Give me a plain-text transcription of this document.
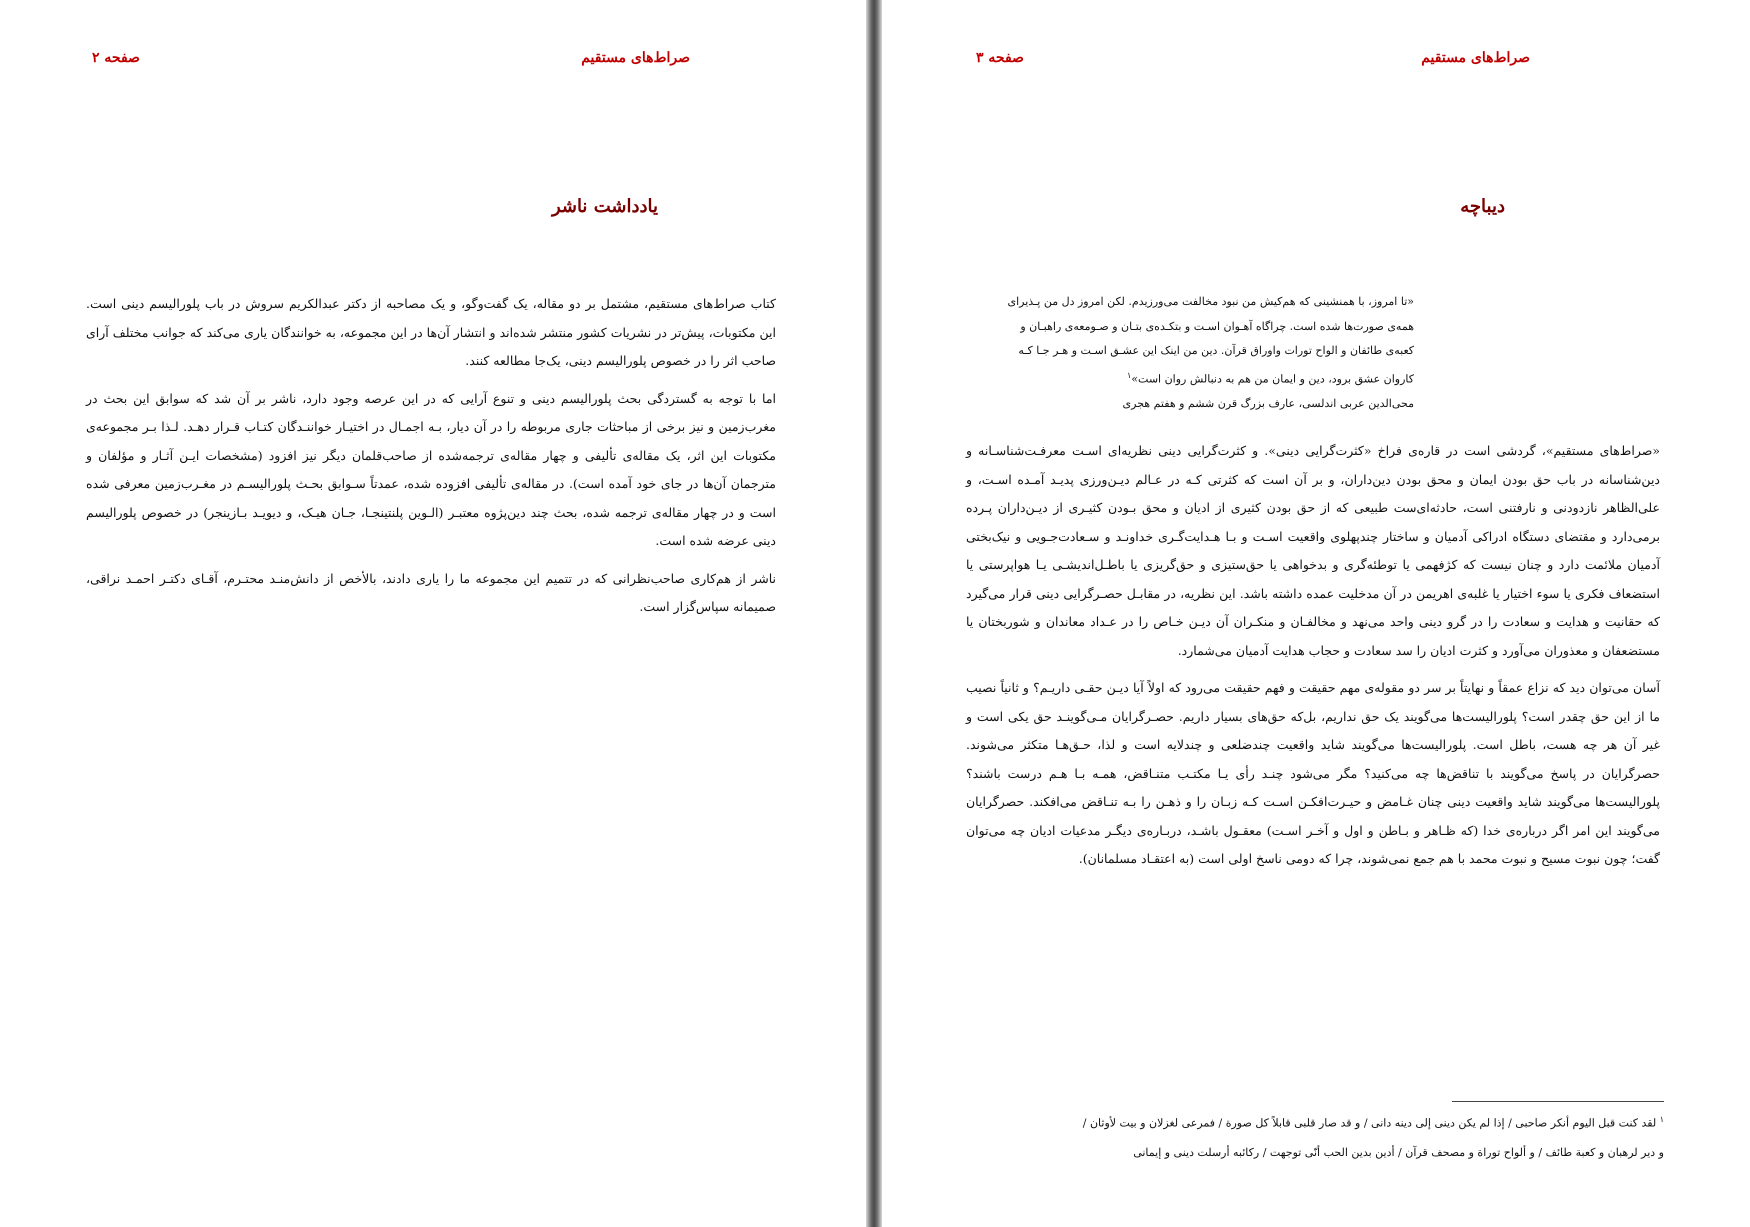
صراط‌های مستقیم
صفحه ۲
یادداشت ناشر

کتاب صراط‌های مستقیم، مشتمل بر دو مقاله، یک گفت‌وگو، و یک مصاحبه از دکتر عبدالکریم سروش در باب پلورالیسم دینی است. این مکتوبات، پیش‌تر در نشریات کشور منتشر شده‌اند و انتشار آن‌ها در این مجموعه، به خوانندگان یاری می‌کند که جوانب مختلف آرای صاحب اثر را در خصوص پلورالیسم دینی، یک‌جا مطالعه کنند.

اما با توجه به گستردگی بحث پلورالیسم دینی و تنوع آرایی که در این عرصه وجود دارد، ناشر بر آن شد که سوابق این بحث در مغرب‌زمین و نیز برخی از مباحثات جاری مربوطه را در آن دیار، بـه اجمـال در اختیـار خواننـدگان کتـاب قـرار دهـد. لـذا بـر مجموعه‌ی مکتوبات این اثر، یک مقاله‌ی تألیفی و چهار مقاله‌ی ترجمه‌شده از صاحب‌قلمان دیگر نیز افزود (مشخصات ایـن آثـار و مؤلفان و مترجمان آن‌ها در جای خود آمده است). در مقاله‌ی تألیفی افزوده شده، عمدتاً سـوابق بحـث پلورالیسـم در مغـرب‌زمین معرفی شده است و در چهار مقاله‌ی ترجمه شده، بحث چند دین‌پژوه معتبـر (الـوین پلنتینجـا، جـان هیـک، و دیویـد بـازینجر) در خصوص پلورالیسم دینی عرضه شده است.

ناشر از هم‌کاری صاحب‌نظرانی که در تتمیم این مجموعه ما را یاری دادند، بالأخص از دانش‌منـد محتـرم، آقـای دکتـر احمـد نراقی، صمیمانه سپاس‌گزار است.

صراط‌های مستقیم
صفحه ۳
دیباچه

«تا امروز، با همنشینی که هم‌کیش من نبود مخالفت می‌ورزیدم. لکن امروز دل من پـذیرای

همه‌ی صورت‌ها شده است. چراگاه آهـوان اسـت و بتکـده‌ی بتـان و صـومعه‌ی راهبـان و

کعبه‌ی طائفان و الواح تورات واوراق قرآن. دین من اینک این عشـق اسـت و هـر جـا کـه

کاروان عشق برود، دین و ایمان من هم به دنبالش روان است»$^۱$

محی‌الدین عربی اندلسی، عارف بزرگ قرن ششم و هفتم هجری

«صراط‌های مستقیم»، گردشی است در قاره‌ی فراخ «کثرت‌گرایی دینی». و کثرت‌گرایی دینی نظریه‌ای اسـت معرفـت‌شناسـانه و دین‌شناسانه در باب حق بودن ایمان و محق بودن دین‌داران، و بر آن است که کثرتی کـه در عـالم دیـن‌ورزی پدیـد آمـده اسـت، و علی‌الظاهر نازدودنی و نارفتنی است، حادثه‌ای‌ست طبیعی که از حق بودن کثیری از ادیان و محق بـودن کثیـری از دیـن‌داران پـرده برمی‌دارد و مقتضای دستگاه ادراکی آدمیان و ساختار چندپهلوی واقعیت اسـت و بـا هـدایت‌گـری خداونـد و سـعادت‌جـویی و نیک‌بختی آدمیان ملائمت دارد و چنان نیست که کژفهمی یا توطئه‌گری و بدخواهی یا حق‌ستیزی و حق‌گریزی یا باطـل‌اندیشـی یـا هواپرستی یا استضعاف فکری یا سوء اختیار یا غلبه‌ی اهریمن در آن مدخلیت عمده داشته باشد. این نظریه، در مقابـل حصـرگرایی دینی قرار می‌گیرد که حقانیت و هدایت و سعادت را در گرو دینی واحد می‌نهد و مخالفـان و منکـران آن دیـن خـاص را در عـداد معاندان و شوربختان یا مستضعفان و معذوران می‌آورد و کثرت ادیان را سد سعادت و حجاب هدایت آدمیان می‌شمارد.

آسان می‌توان دید که نزاع عمقاً و نهایتاً بر سر دو مقوله‌ی مهم حقیقت و فهم حقیقت می‌رود که اولاً آیا دیـن حقـی داریـم؟ و ثانیاً نصیب ما از این حق چقدر است؟ پلورالیست‌ها می‌گویند یک حق نداریم، بل‌که حق‌های بسیار داریم. حصـرگرایان مـی‌گوینـد حق یکی است و غیر آن هر چه هست، باطل است. پلورالیست‌ها می‌گویند شاید واقعیت چندضلعی و چندلایه است و لذا، حـق‌هـا متکثر می‌شوند. حصرگرایان در پاسخ می‌گویند با تناقض‌ها چه می‌کنید؟ مگر می‌شود چنـد رأی یـا مکتـب متنـاقض، همـه بـا هـم درست باشند؟ پلورالیست‌ها می‌گویند شاید واقعیت دینی چنان غـامض و حیـرت‌افکـن اسـت کـه زبـان را و ذهـن را بـه تنـاقض می‌افکند. حصرگرایان می‌گویند این امر اگر درباره‌ی خدا (که ظـاهر و بـاطن و اول و آخـر اسـت) معقـول باشـد، دربـاره‌ی دیگـر مدعیات ادیان چه می‌توان گفت؛ چون نبوت مسیح و نبوت محمد با هم جمع نمی‌شوند، چرا که دومی ناسخ اولی است (به اعتقـاد مسلمانان).

$^۱$ لقد كنت قبل اليوم أنكر صاحبی / إذا لم يكن دينی إلی دينه دانی / و قد صار قلبی قابلاً كل صورة / فمرعی لغزلان و بيت لأوثان /

و دير لرهبان و كعبة طائف / و ألواح توراة و مصحف قرآن / أدين بدين الحب أنّی توجهت / ركائبه أرسلت دينی و إيمانی
